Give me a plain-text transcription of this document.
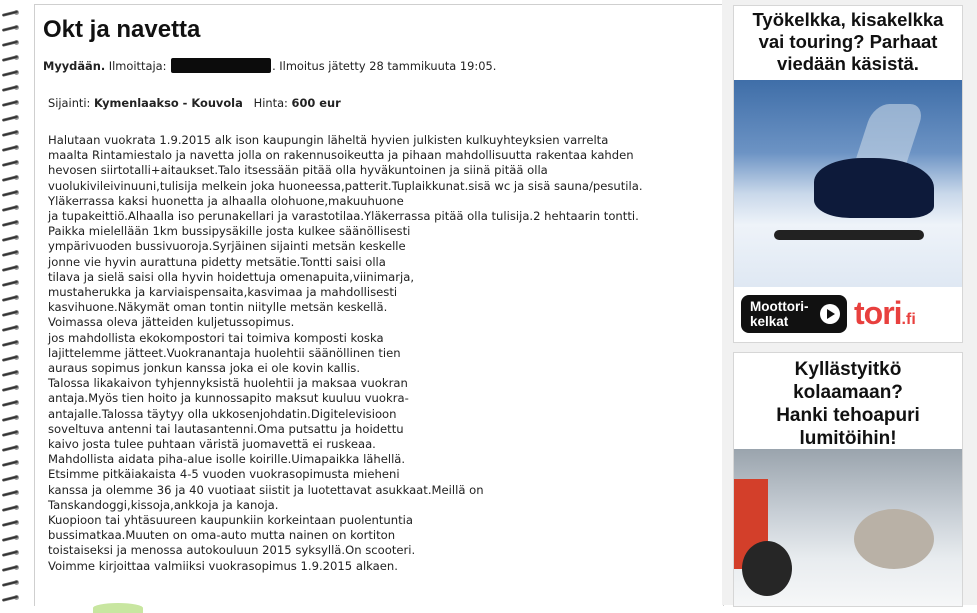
Okt ja navetta
Myydään. Ilmoittaja:	. Ilmoitus jätetty 28 tammikuuta 19:05.
Sijainti: Kymenlaakso - Kouvola Hinta: 600 eur
Halutaan vuokrata 1.9.2015 alk ison kaupungin läheltä hyvien julkisten kulkuyhteyksien varrelta
maalta Rintamiestalo ja navetta jolla on rakennusoikeutta ja pihaan mahdollisuutta rakentaa kahden
hevosen siirtotalli+aitaukset.Talo itsessään pitää olla hyväkuntoinen ja siinä pitää olla
vuolukivileivinuuni,tulisija melkein joka huoneessa,patterit.Tuplaikkunat.sisä wc ja sisä sauna/pesutila.
Yläkerrassa kaksi huonetta ja alhaalla olohuone,makuuhuone
ja tupakeittiö.Alhaalla iso perunakellari ja varastotilaa.Yläkerrassa pitää olla tulisija.2 hehtaarin tontti.
Paikka mielellään 1km bussipysäkille josta kulkee säänöllisesti
ympärivuoden bussivuoroja.Syrjäinen sijainti metsän keskelle
jonne vie hyvin aurattuna pidetty metsätie.Tontti saisi olla
tilava ja sielä saisi olla hyvin hoidettuja omenapuita,viinimarja,
mustaherukka ja karviaispensaita,kasvimaa ja mahdollisesti
kasvihuone.Näkymät oman tontin niitylle metsän keskellä.
Voimassa oleva jätteiden kuljetussopimus.
jos mahdollista ekokompostori tai toimiva komposti koska
lajittelemme jätteet.Vuokranantaja huolehtii säänöllinen tien
auraus sopimus jonkun kanssa joka ei ole kovin kallis.
Talossa likakaivon tyhjennyksistä huolehtii ja maksaa vuokran
antaja.Myös tien hoito ja kunnossapito maksut kuuluu vuokra-
antajalle.Talossa täytyy olla ukkosenjohdatin.Digitelevisioon
soveltuva antenni tai lautasantenni.Oma putsattu ja hoidettu
kaivo josta tulee puhtaan väristä juomavettä ei ruskeaa.
Mahdollista aidata piha-alue isolle koirille.Uimapaikka lähellä.
Etsimme pitkäiakaista 4-5 vuoden vuokrasopimusta mieheni
kanssa ja olemme 36 ja 40 vuotiaat siistit ja luotettavat asukkaat.Meillä on
Tanskandoggi,kissoja,ankkoja ja kanoja.
Kuopioon tai yhtäsuureen kaupunkiin korkeintaan puolentuntia
bussimatkaa.Muuten on oma-auto mutta nainen on kortiton
toistaiseksi ja menossa autokouluun 2015 syksyllä.On scooteri.
Voimme kirjoittaa valmiiksi vuokrasopimus 1.9.2015 alkaen.
Työkelkka, kisakelkka
vai touring? Parhaat
viedään käsistä.
Moottori-
kelkat	tori.fi
Kyllästyitkö
kolaamaan?
Hanki tehoapuri
lumitöihin!
